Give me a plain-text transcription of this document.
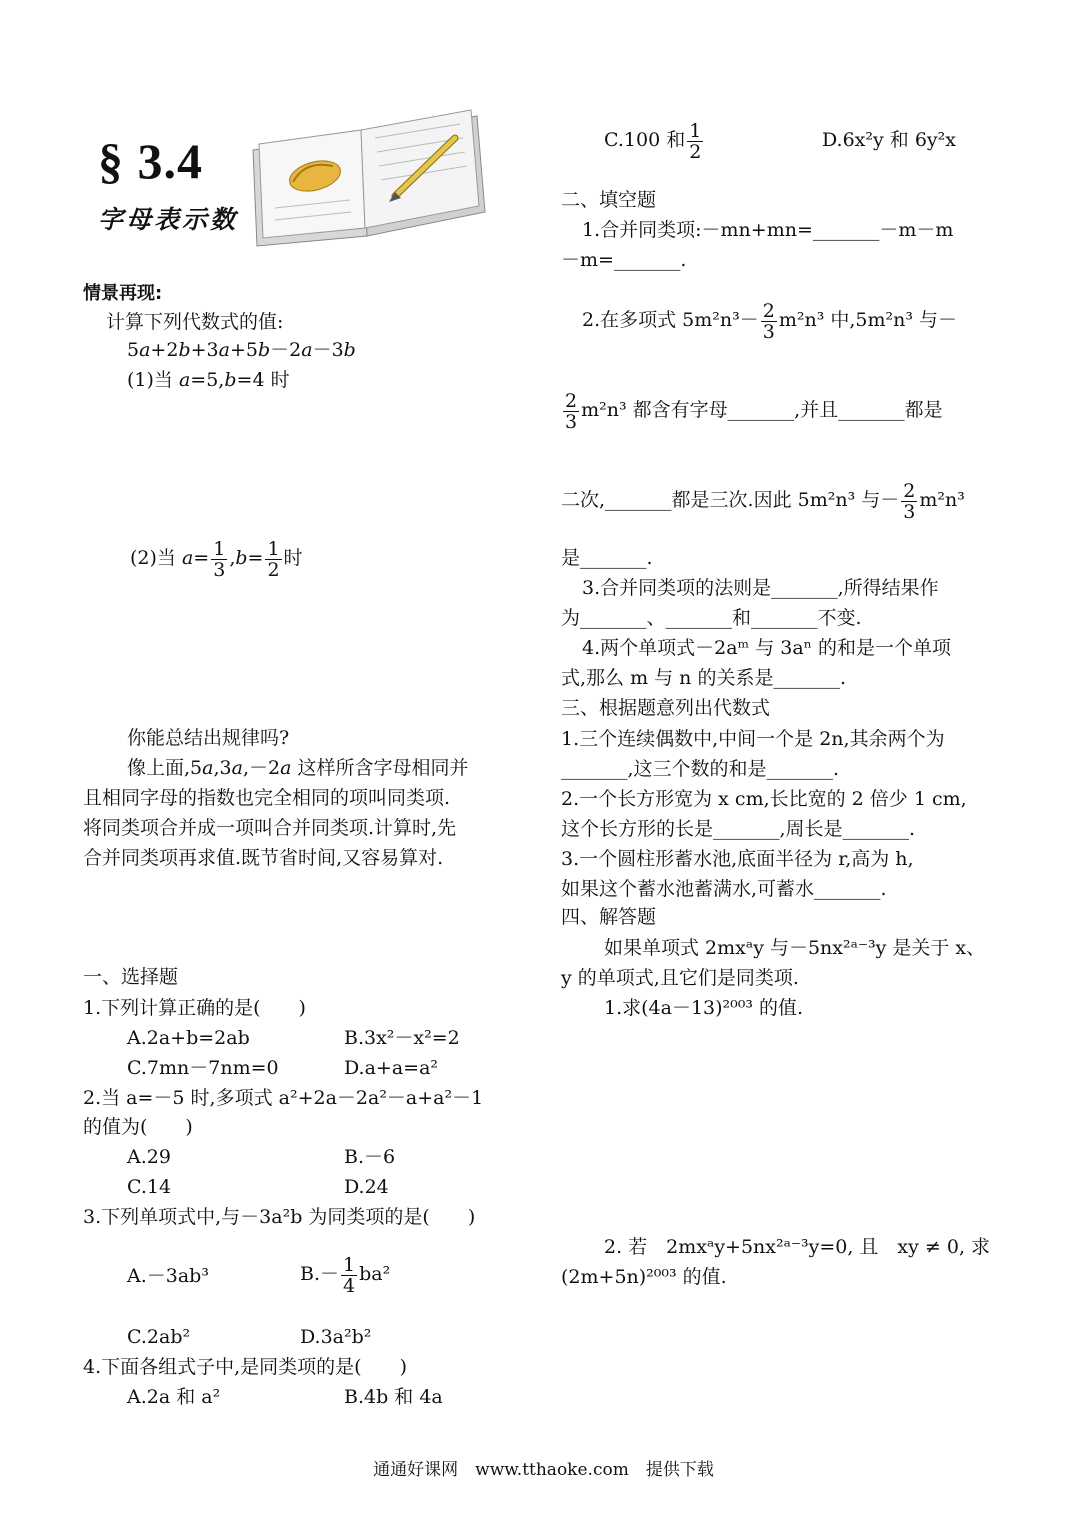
§ 3.4
字母表示数
情景再现:
计算下列代数式的值:
5a+2b+3a+5b－2a－3b
(1)当 a=5,b=4 时
(2)当 $a= \frac{1}{3} ,b= \frac{1}{2}$ 时
你能总结出规律吗?
像上面,5a,3a,－2a 这样所含字母相同并
且相同字母的指数也完全相同的项叫同类项.
将同类项合并成一项叫合并同类项.计算时,先
合并同类项再求值.既节省时间,又容易算对.
一、选择题
1.下列计算正确的是(　　)
A.2a+b=2ab	B.3x²－x²=2
C.7mn－7nm=0	D.a+a=a²
2.当 a=－5 时,多项式 a²+2a－2a²－a+a²－1
的值为(　　)
A.29	B.－6
C.14	D.24
3.下列单项式中,与－3a²b 为同类项的是(　　)
A.－3ab³	$B.- \frac{1}{4} ba^2$
C.2ab²	D.3a²b²
4.下面各组式子中,是同类项的是(　　)
A.2a 和 a²	B.4b 和 4a
C.100 和 $\frac{1}{2}$	D.6x²y 和 6y²x
二、填空题
1.合并同类项:－mn+mn=_______－m－m
－m=_______.
2.在多项式 $5m^2n^3- \frac{2}{3} m^2n^3$ 中,5m²n³ 与－
$\frac{2}{3} m^2n^3$ 都含有字母_______,并且_______都是
二次,_______都是三次.因此 5m²n³ 与－ $\frac{2}{3} m^2n^3$
是_______.
3.合并同类项的法则是_______,所得结果作
为_______、_______和_______不变.
4.两个单项式－2aᵐ 与 3aⁿ 的和是一个单项
式,那么 m 与 n 的关系是_______.
三、根据题意列出代数式
1.三个连续偶数中,中间一个是 2n,其余两个为
_______,这三个数的和是_______.
2.一个长方形宽为 x cm,长比宽的 2 倍少 1 cm,
这个长方形的长是_______,周长是_______.
3.一个圆柱形蓄水池,底面半径为 r,高为 h,
如果这个蓄水池蓄满水,可蓄水_______.
四、解答题
如果单项式 2mxᵃy 与－5nx²ᵃ⁻³y 是关于 x、
y 的单项式,且它们是同类项.
1.求(4a－13)²⁰⁰³ 的值.
2. 若　2mxᵃy+5nx²ᵃ⁻³y=0, 且　xy ≠ 0, 求
(2m+5n)²⁰⁰³ 的值.
通通好课网　www.tthaoke.com　提供下载
